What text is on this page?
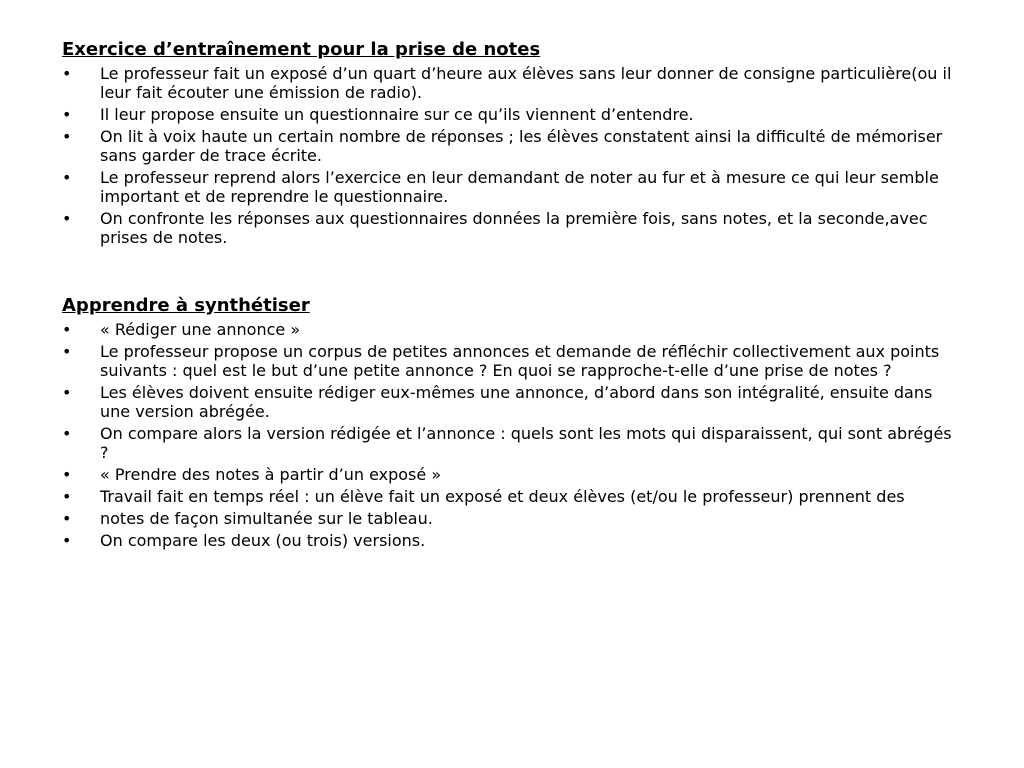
Exercice d’entraînement pour la prise de notes
•	Le professeur fait un exposé d’un quart d’heure aux élèves sans leur donner de consigne particulière(ou il leur fait écouter une émission de radio).
•	Il leur propose ensuite un questionnaire sur ce qu’ils viennent d’entendre.
•	On lit à voix haute un certain nombre de réponses ; les élèves constatent ainsi la difficulté de mémoriser sans garder de trace écrite.
•	Le professeur reprend alors l’exercice en leur demandant de noter au fur et à mesure ce qui leur semble important et de reprendre le questionnaire.
•	On confronte les réponses aux questionnaires données la première fois, sans notes, et la seconde,avec prises de notes.
Apprendre à synthétiser
•	« Rédiger une annonce »
•	Le professeur propose un corpus de petites annonces et demande de réfléchir collectivement aux points suivants : quel est le but d’une petite annonce ? En quoi se rapproche-t-elle d’une prise de notes ?
•	Les élèves doivent ensuite rédiger eux-mêmes une annonce, d’abord dans son intégralité, ensuite dans une version abrégée.
•	On compare alors la version rédigée et l’annonce : quels sont les mots qui disparaissent, qui sont abrégés ?
•	« Prendre des notes à partir d’un exposé »
•	Travail fait en temps réel : un élève fait un exposé et deux élèves (et/ou le professeur) prennent des
•	notes de façon simultanée sur le tableau.
•	On compare les deux (ou trois) versions.
